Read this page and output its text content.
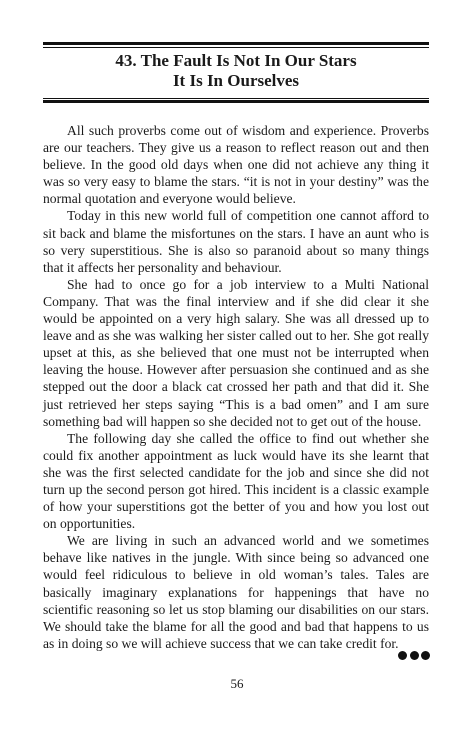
43. The Fault Is Not In Our Stars
It Is In Ourselves

All such proverbs come out of wisdom and experience. Proverbs are our teachers. They give us a reason to reflect reason out and then believe. In the good old days when one did not achieve any thing it was so very easy to blame the stars. “it is not in your destiny” was the normal quotation and everyone would believe.

Today in this new world full of competition one cannot afford to sit back and blame the misfortunes on the stars. I have an aunt who is so very superstitious. She is also so paranoid about so many things that it affects her personality and behaviour.

She had to once go for a job interview to a Multi National Company. That was the final interview and if she did clear it she would be appointed on a very high salary. She was all dressed up to leave and as she was walking her sister called out to her. She got really upset at this, as she believed that one must not be interrupted when leaving the house. However after persuasion she continued and as she stepped out the door a black cat crossed her path and that did it. She just retrieved her steps saying “This is a bad omen” and I am sure something bad will happen so she decided not to get out of the house.

The following day she called the office to find out whether she could fix another appointment as luck would have its she learnt that she was the first selected candidate for the job and since she did not turn up the second person got hired. This incident is a classic example of how your superstitions got the better of you and how you lost out on opportunities.

We are living in such an advanced world and we sometimes behave like natives in the jungle. With since being so advanced one would feel ridiculous to believe in old woman’s tales. Tales are basically imaginary explanations for happenings that have no scientific reasoning so let us stop blaming our disabilities on our stars. We should take the blame for all the good and bad that happens to us as in doing so we will achieve success that we can take credit for.

56
